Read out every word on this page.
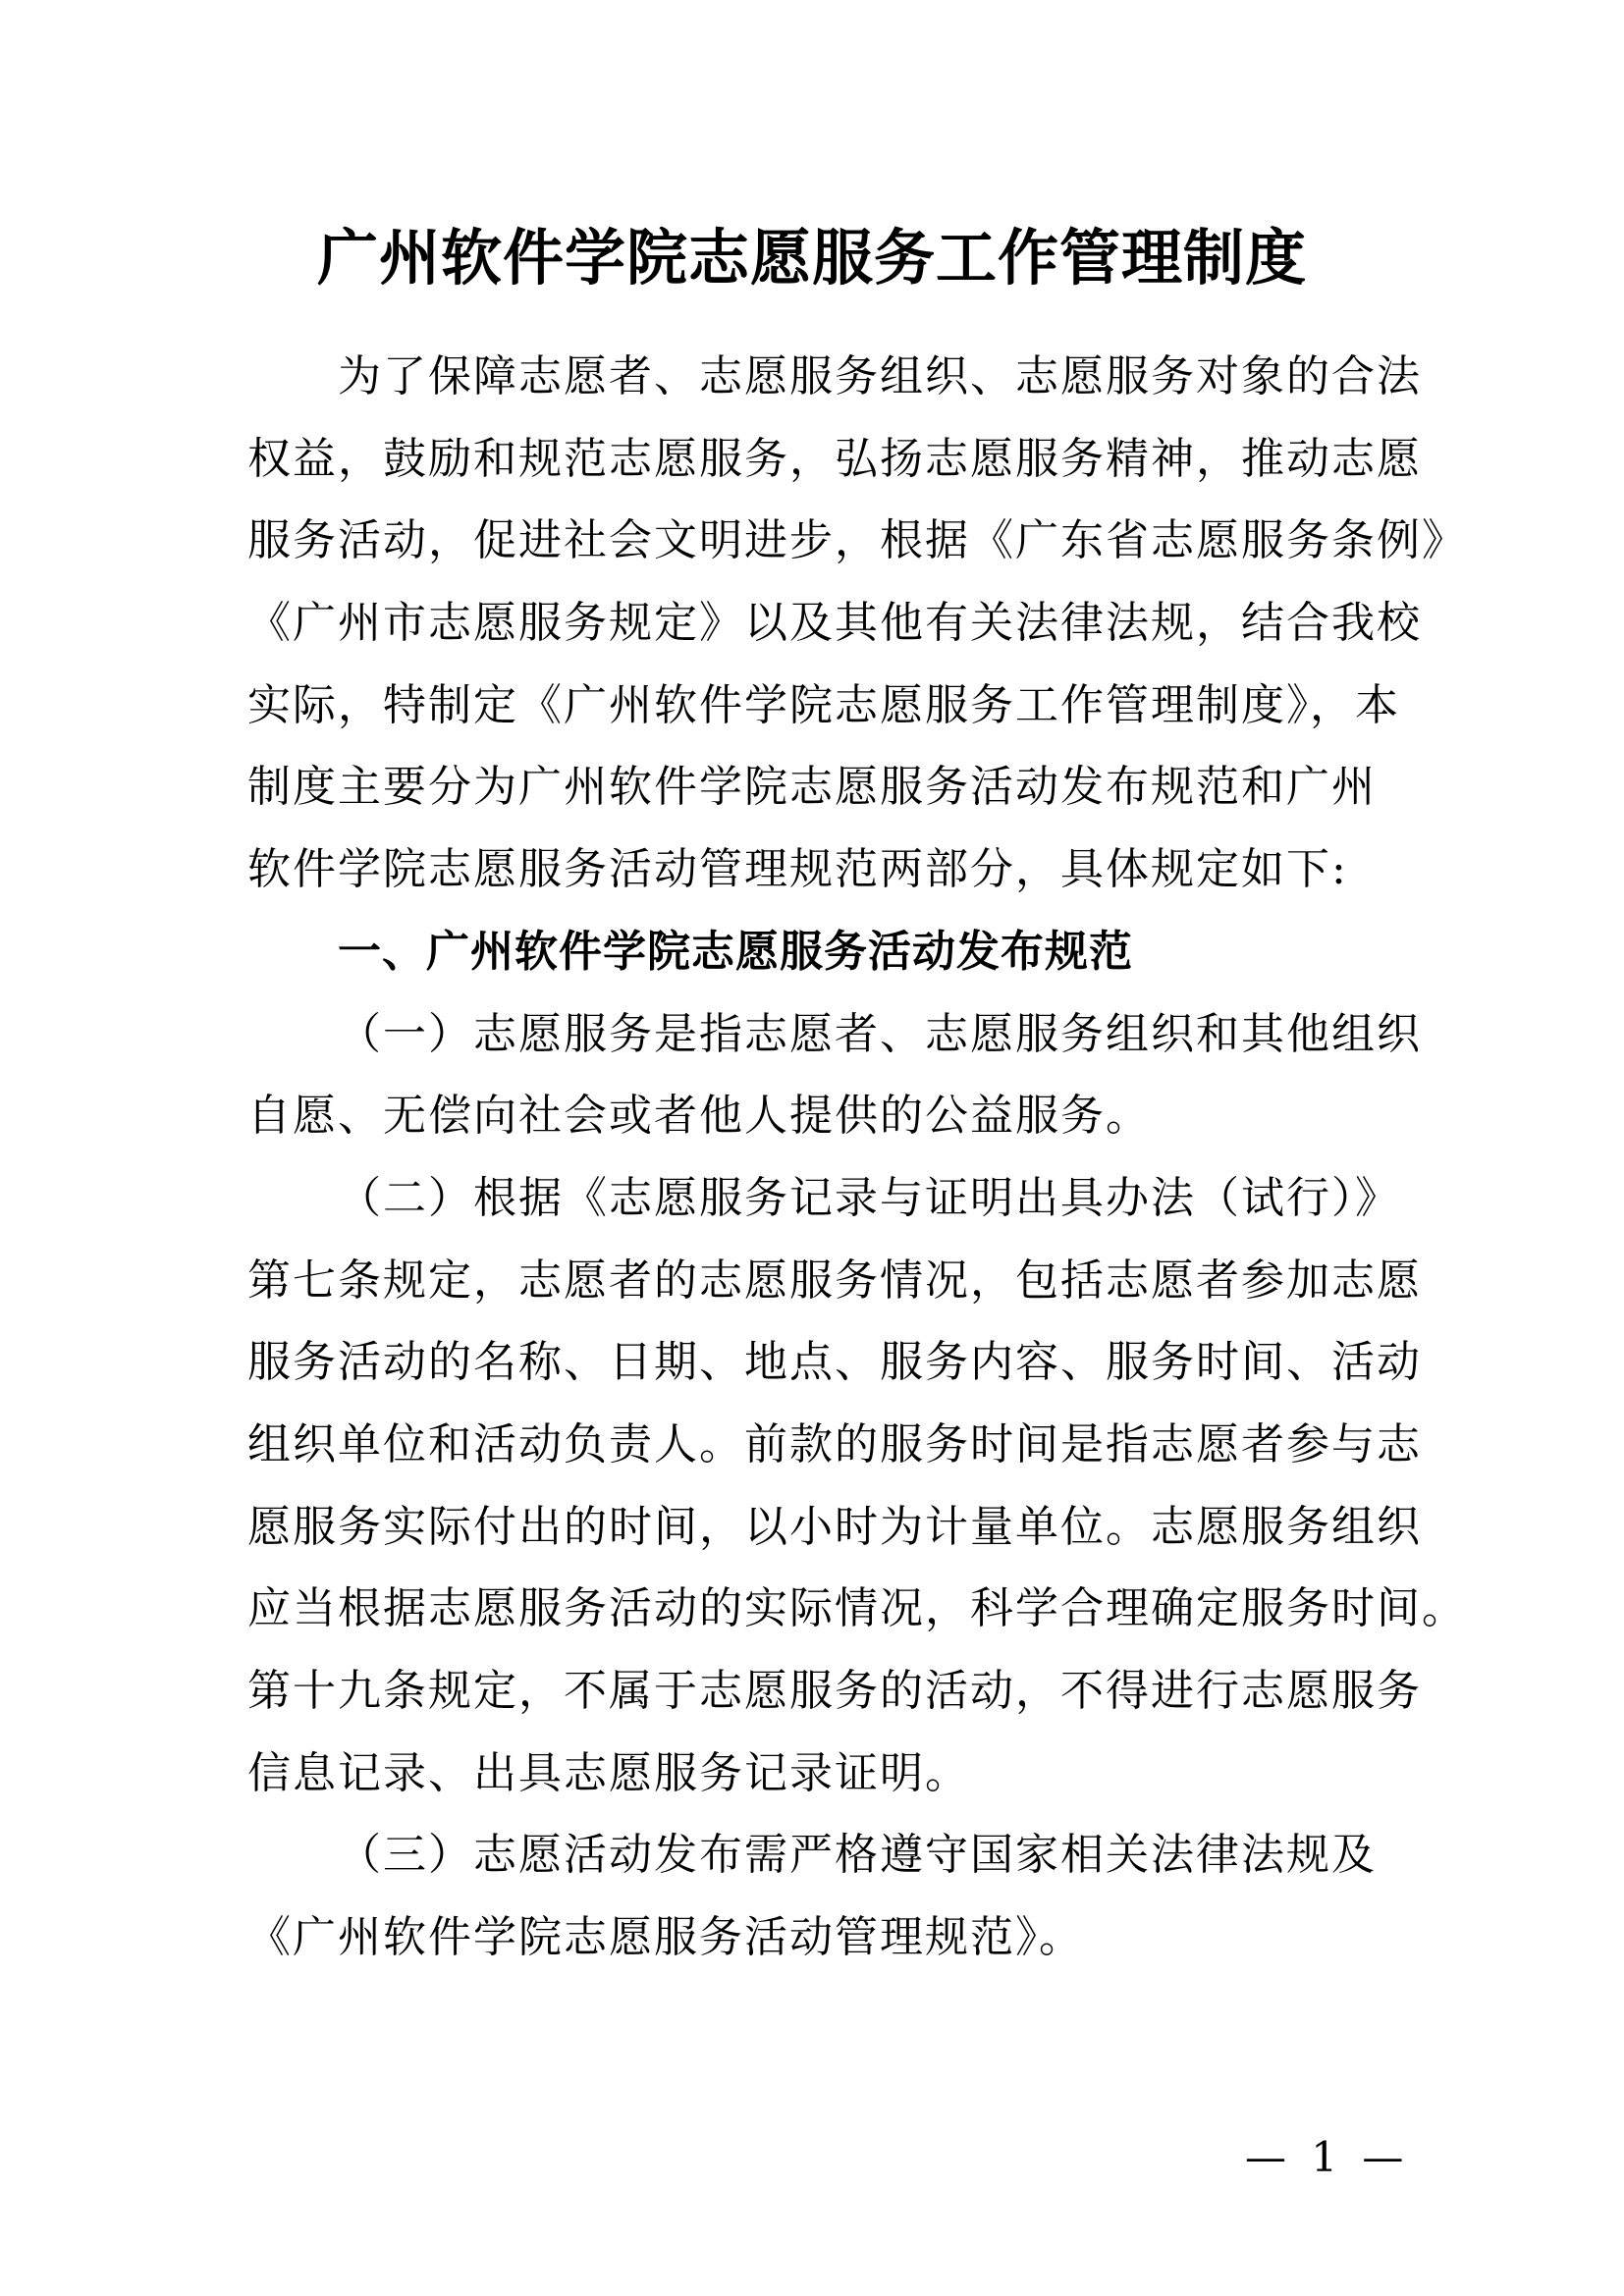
广州软件学院志愿服务工作管理制度
为了保障志愿者、志愿服务组织、志愿服务对象的合法
权益，鼓励和规范志愿服务，弘扬志愿服务精神，推动志愿
服务活动，促进社会文明进步，根据《广东省志愿服务条例》
《广州市志愿服务规定》以及其他有关法律法规，结合我校
实际，特制定《广州软件学院志愿服务工作管理制度》，本
制度主要分为广州软件学院志愿服务活动发布规范和广州
软件学院志愿服务活动管理规范两部分，具体规定如下:
一、广州软件学院志愿服务活动发布规范
（一）志愿服务是指志愿者、志愿服务组织和其他组织
自愿、无偿向社会或者他人提供的公益服务。
（二）根据《志愿服务记录与证明出具办法（试行）》
第七条规定，志愿者的志愿服务情况，包括志愿者参加志愿
服务活动的名称、日期、地点、服务内容、服务时间、活动
组织单位和活动负责人。前款的服务时间是指志愿者参与志
愿服务实际付出的时间，以小时为计量单位。志愿服务组织
应当根据志愿服务活动的实际情况，科学合理确定服务时间。
第十九条规定，不属于志愿服务的活动，不得进行志愿服务
信息记录、出具志愿服务记录证明。
（三）志愿活动发布需严格遵守国家相关法律法规及
《广州软件学院志愿服务活动管理规范》。
— 1 —
